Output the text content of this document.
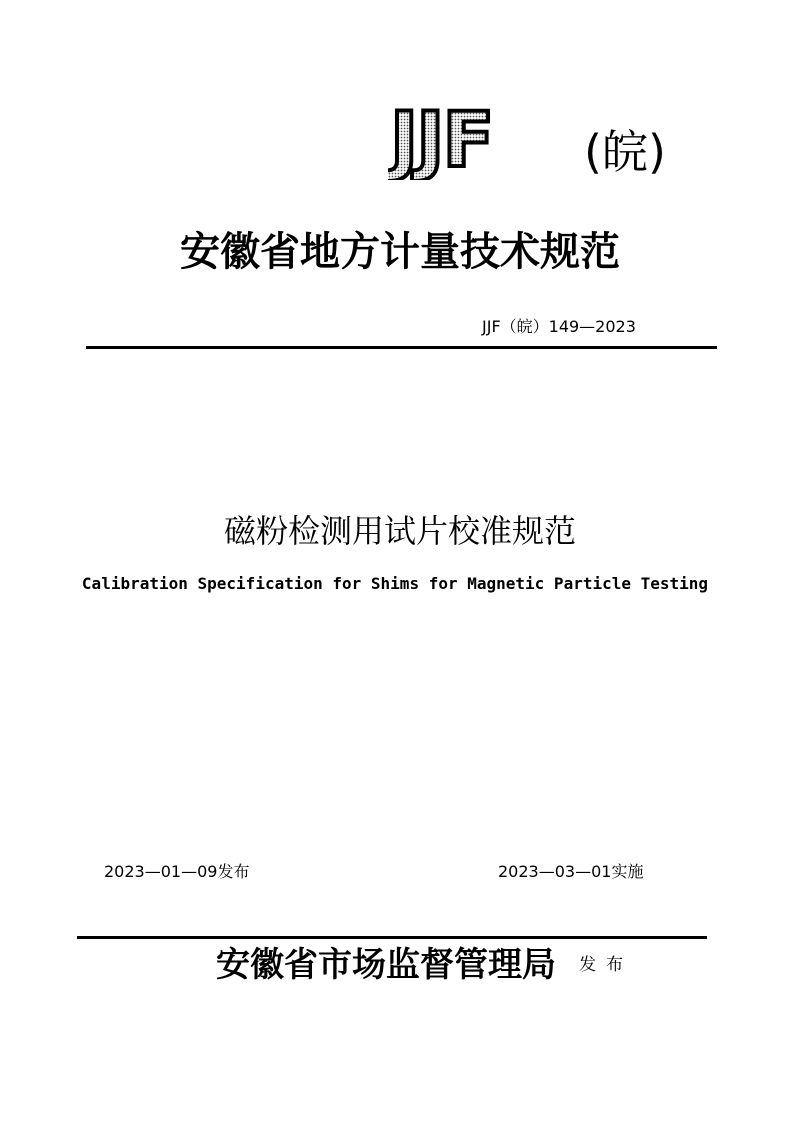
JJF (皖)
安徽省地方计量技术规范
JJF（皖）149—2023
磁粉检测用试片校准规范
Calibration Specification for Shims for Magnetic Particle Testing
2023—01—09发布	2023—03—01实施
安徽省市场监督管理局 发布
